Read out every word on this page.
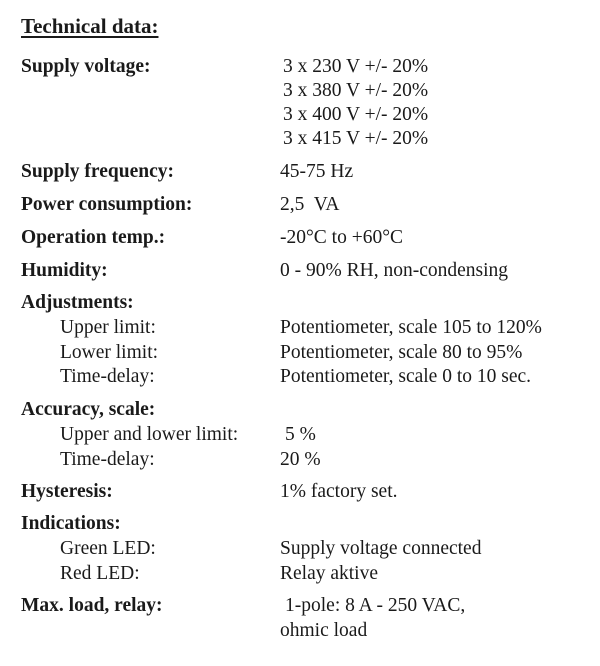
Technical data:
Supply voltage:	3 x 230 V +/- 20%
3 x 380 V +/- 20%
3 x 400 V +/- 20%
3 x 415 V +/- 20%
Supply frequency:	45-75 Hz
Power consumption:	2,5  VA
Operation temp.:	-20°C to +60°C
Humidity:	0 - 90% RH, non-condensing
Adjustments:
Upper limit:	Potentiometer, scale 105 to 120%
Lower limit:	Potentiometer, scale 80 to 95%
Time-delay:	Potentiometer, scale 0 to 10 sec.
Accuracy, scale:
Upper and lower limit: 5 %
Time-delay:	20 %
Hysteresis:	1% factory set.
Indications:
Green LED:	Supply voltage connected
Red LED:	Relay aktive
Max. load, relay:	1-pole: 8 A - 250 VAC,
ohmic load
